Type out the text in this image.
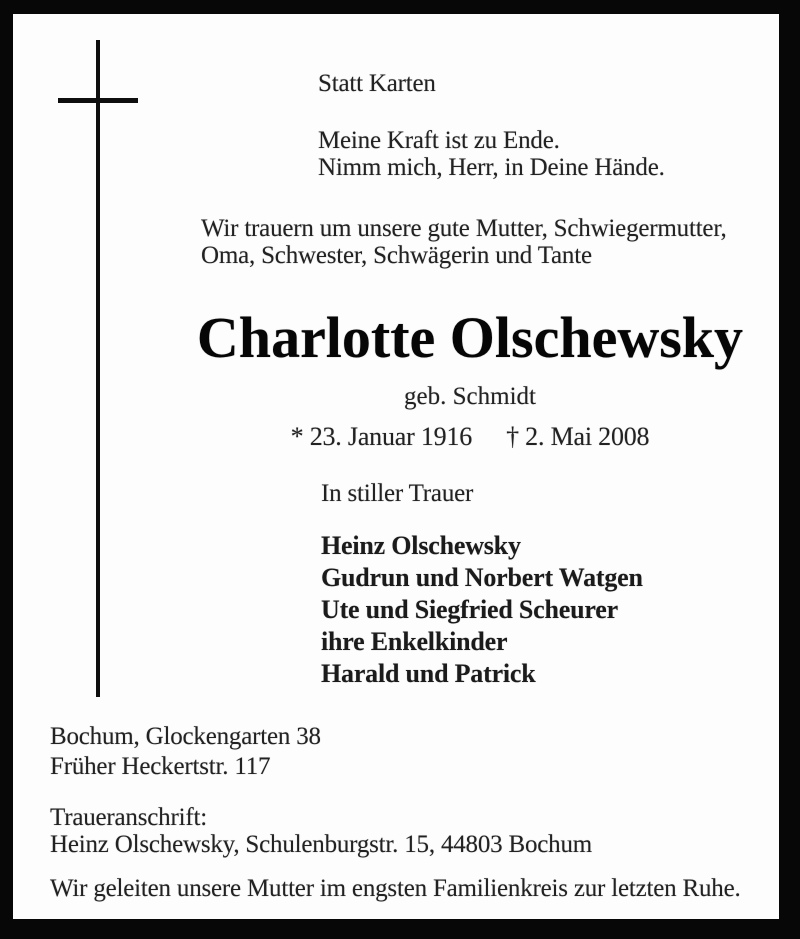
Statt Karten
Meine Kraft ist zu Ende.
Nimm mich, Herr, in Deine Hände.
Wir trauern um unsere gute Mutter, Schwiegermutter,
Oma, Schwester, Schwägerin und Tante
Charlotte Olschewsky
geb. Schmidt
* 23. Januar 1916 † 2. Mai 2008
In stiller Trauer
Heinz Olschewsky
Gudrun und Norbert Watgen
Ute und Siegfried Scheurer
ihre Enkelkinder
Harald und Patrick
Bochum, Glockengarten 38
Früher Heckertstr. 117
Traueranschrift:
Heinz Olschewsky, Schulenburgstr. 15, 44803 Bochum
Wir geleiten unsere Mutter im engsten Familienkreis zur letzten Ruhe.
